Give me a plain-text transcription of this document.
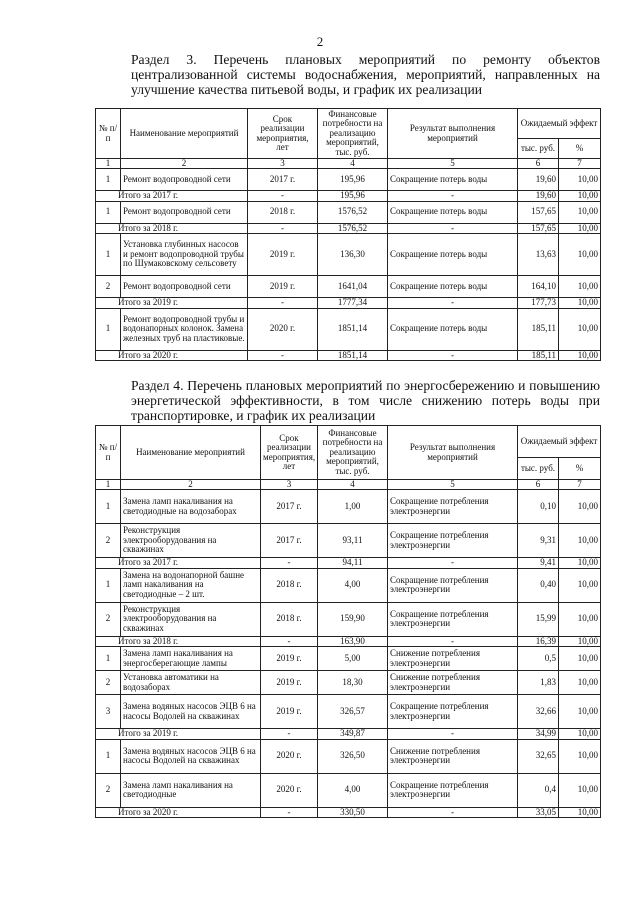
2
Раздел 3. Перечень плановых мероприятий по ремонту объектов централизованной системы водоснабжения, мероприятий, направленных на улучшение качества питьевой воды, и график их реализации
№ п/ п	Наименование мероприятий	Срок реализации мероприятия, лет	Финансовые потребности на реализацию мероприятий, тыс. руб.	Результат выполнения мероприятий	Ожидаемый эффект	
					тыс. руб.	%
1	2	3	4	5	6	7
1	Ремонт водопроводной сети	2017 г.	195,96	Сокращение потерь воды	19,60	10,00
Итого за 2017 г.		-	195,96	-	19,60	10,00
1	Ремонт водопроводной сети	2018 г.	1576,52	Сокращение потерь воды	157,65	10,00
Итого за 2018 г.		-	1576,52	-	157,65	10,00
1	Установка глубинных насосов и ремонт водопроводной трубы по Шумаковскому сельсовету	2019 г.	136,30	Сокращение потерь воды	13,63	10,00
2	Ремонт водопроводной сети	2019 г.	1641,04	Сокращение потерь воды	164,10	10,00
Итого за 2019 г.		-	1777,34	-	177,73	10,00
1	Ремонт водопроводной трубы и водонапорных колонок. Замена железных труб на пластиковые.	2020 г.	1851,14	Сокращение потерь воды	185,11	10,00
Итого за 2020 г.		-	1851,14	-	185,11	10,00
Раздел 4. Перечень плановых мероприятий по энергосбережению и повышению энергетической эффективности, в том числе снижению потерь воды при транспортировке, и график их реализации
№ п/п	Наименование мероприятий	Срок реализации мероприятия, лет	Финансовые потребности на реализацию мероприятий, тыс. руб.	Результат выполнения мероприятий	Ожидаемый эффект	
					тыс. руб.	%
1	2	3	4	5	6	7
1	Замена ламп накаливания на светодиодные на водозаборах	2017 г.	1,00	Сокращение потребления электроэнергии	0,10	10,00
2	Реконструкция электрооборудования на скважинах	2017 г.	93,11	Сокращение потребления электроэнергии	9,31	10,00
Итого за 2017 г.		-	94,11	-	9,41	10,00
1	Замена на водонапорной башне ламп накаливания на светодиодные – 2 шт.	2018 г.	4,00	Сокращение потребления электроэнергии	0,40	10,00
2	Реконструкция электрооборудования на скважинах	2018 г.	159,90	Сокращение потребления электроэнергии	15,99	10,00
Итого за 2018 г.		-	163,90	-	16,39	10,00
1	Замена ламп накаливания на энергосберегающие лампы	2019 г.	5,00	Снижение потребления электроэнергии	0,5	10,00
2	Установка автоматики на водозаборах	2019 г.	18,30	Снижение потребления электроэнергии	1,83	10,00
3	Замена водяных насосов ЭЦВ 6 на насосы Водолей на скважинах	2019 г.	326,57	Сокращение потребления электроэнергии	32,66	10,00
Итого за 2019 г.		-	349,87	-	34,99	10,00
1	Замена водяных насосов ЭЦВ 6 на насосы Водолей на скважинах	2020 г.	326,50	Снижение потребления электроэнергии	32,65	10,00
2	Замена ламп накаливания на светодиодные	2020 г.	4,00	Сокращение потребления электроэнергии	0,4	10,00
Итого за 2020 г.		-	330,50	-	33,05	10,00
